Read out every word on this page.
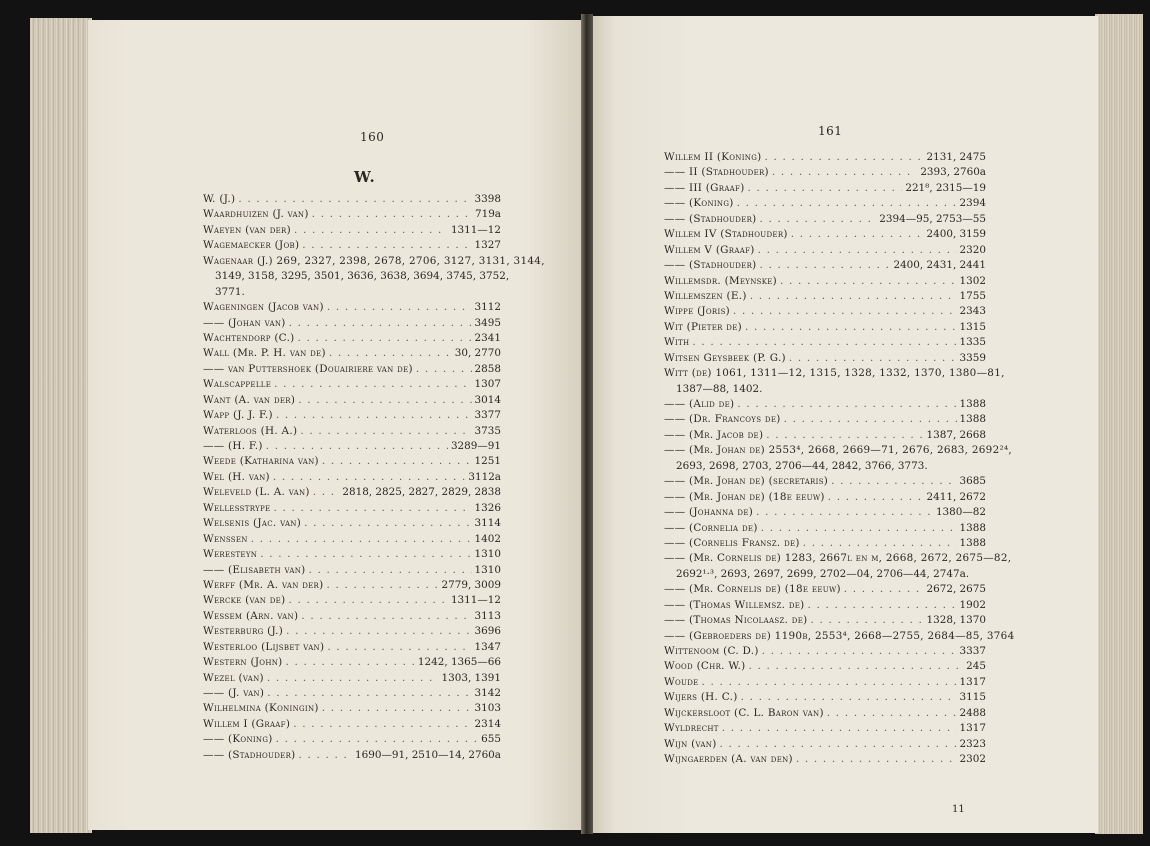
160
W.
W. (J.) . . .	3398
Waardhuizen (J. van) . . .	719a
Waeyen (van der) . . .	1311—12
Wagemaecker (Job) . . .	1327
Wagenaar (J.) 269, 2327, 2398, 2678, 2706, 3127, 3131, 3144,
3149, 3158, 3295, 3501, 3636, 3638, 3694, 3745, 3752,
3771.
Wageningen (Jacob van) . . .	3112
—— (Johan van) . . .	3495
Wachtendorp (C.) . . .	2341
Wall (Mr. P. H. van de) . . .	30, 2770
—— van Puttershoek (Douairiere van de) . . .	2858
Walscappelle . . .	1307
Want (A. van der) . . .	3014
Wapp (J. J. F.) . . .	3377
Waterloos (H. A.) . . .	3735
—— (H. F.) . . .	3289—91
Weede (Katharina van) . . .	1251
Wel (H. van) . . .	3112a
Weleveld (L. A. van) . . .	2818, 2825, 2827, 2829, 2838
Wellesstrype . . .	1326
Welsenis (Jac. van) . . .	3114
Wenssen . . .	1402
Weresteyn . . .	1310
—— (Elisabeth van) . . .	1310
Werff (Mr. A. van der) . . .	2779, 3009
Wercke (van de) . . .	1311—12
Wessem (Arn. van) . . .	3113
Westerburg (J.) . . .	3696
Westerloo (Lijsbet van) . . .	1347
Western (John) . . .	1242, 1365—66
Wezel (van) . . .	1303, 1391
—— (J. van) . . .	3142
Wilhelmina (Koningin) . . .	3103
Willem I (Graaf) . . .	2314
—— (Koning) . . .	655
—— (Stadhouder) . . .	1690—91, 2510—14, 2760a
161
Willem II (Koning) . . .	2131, 2475
—— II (Stadhouder) . . .	2393, 2760a
—— III (Graaf) . . .	221⁸, 2315—19
—— (Koning) . . .	2394
—— (Stadhouder) . . .	2394—95, 2753—55
Willem IV (Stadhouder) . . .	2400, 3159
Willem V (Graaf) . . .	2320
—— (Stadhouder) . . .	2400, 2431, 2441
Willemsdr. (Meynske) . . .	1302
Willemszen (E.) . . .	1755
Wippe (Joris) . . .	2343
Wit (Pieter de) . . .	1315
With . . .	1335
Witsen Geysbeek (P. G.) . . .	3359
Witt (de) 1061, 1311—12, 1315, 1328, 1332, 1370, 1380—81,
1387—88, 1402.
—— (Alid de) . . .	1388
—— (Dr. Francoys de) . . .	1388
—— (Mr. Jacob de) . . .	1387, 2668
—— (Mr. Johan de) 2553⁴, 2668, 2669—71, 2676, 2683, 2692²⁴,
2693, 2698, 2703, 2706—44, 2842, 3766, 3773.
—— (Mr. Johan de) (secretaris) . . .	3685
—— (Mr. Johan de) (18e eeuw) . . .	2411, 2672
—— (Johanna de) . . .	1380—82
—— (Cornelia de) . . .	1388
—— (Cornelis Fransz. de) . . .	1388
—— (Mr. Cornelis de) 1283, 2667l en m, 2668, 2672, 2675—82,
2692¹·³, 2693, 2697, 2699, 2702—04, 2706—44, 2747a.
—— (Mr. Cornelis de) (18e eeuw) . . .	2672, 2675
—— (Thomas Willemsz. de) . . .	1902
—— (Thomas Nicolaasz. de) . . .	1328, 1370
—— (Gebroeders de) 1190b, 2553⁴, 2668—2755, 2684—85, 3764
Wittenoom (C. D.) . . .	3337
Wood (Chr. W.) . . .	245
Woude . . .	1317
Wijers (H. C.) . . .	3115
Wijckersloot (C. L. Baron van) . . .	2488
Wyldrecht . . .	1317
Wijn (van) . . .	2323
Wijngaerden (A. van den) . . .	2302
11
